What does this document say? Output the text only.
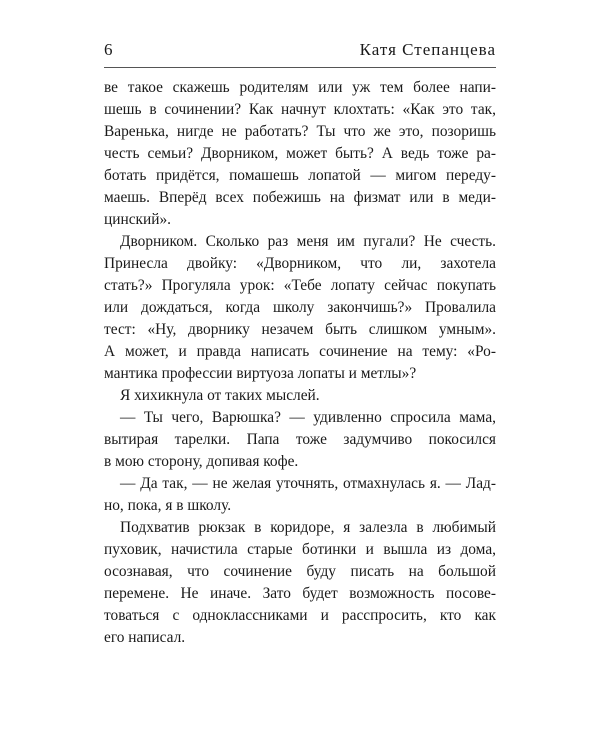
6	Катя Степанцева
ве такое скажешь родителям или уж тем более напи-
шешь в сочинении? Как начнут клохтать: «Как это так,
Варенька, нигде не работать? Ты что же это, позоришь
честь семьи? Дворником, может быть? А ведь тоже ра-
ботать придётся, помашешь лопатой — мигом переду-
маешь. Вперёд всех побежишь на физмат или в меди-
цинский».
Дворником. Сколько раз меня им пугали? Не счесть.
Принесла двойку: «Дворником, что ли, захотела
стать?» Прогуляла урок: «Тебе лопату сейчас покупать
или дождаться, когда школу закончишь?» Провалила
тест: «Ну, дворнику незачем быть слишком умным».
А может, и правда написать сочинение на тему: «Ро-
мантика профессии виртуоза лопаты и метлы»?
Я хихикнула от таких мыслей.
— Ты чего, Варюшка? — удивленно спросила мама,
вытирая тарелки. Папа тоже задумчиво покосился
в мою сторону, допивая кофе.
— Да так, — не желая уточнять, отмахнулась я. — Лад-
но, пока, я в школу.
Подхватив рюкзак в коридоре, я залезла в любимый
пуховик, начистила старые ботинки и вышла из дома,
осознавая, что сочинение буду писать на большой
перемене. Не иначе. Зато будет возможность посове-
товаться с одноклассниками и расспросить, кто как
его написал.
